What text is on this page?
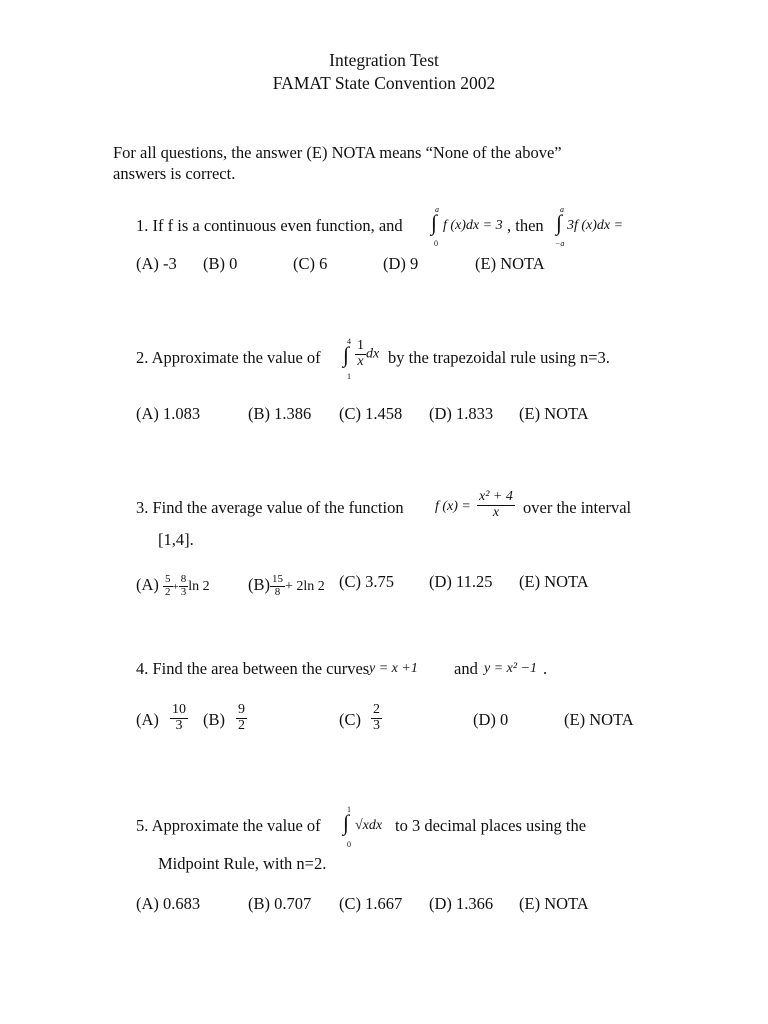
Integration Test
FAMAT State Convention 2002
For all questions, the answer (E) NOTA means “None of the above”
answers is correct.
1. If f is a continuous even function, and
a
∫
0
f (x)dx = 3 , then
a
∫
−a
3f (x)dx =
(A) -3 (B) 0	(C) 6	(D) 9	(E) NOTA
2. Approximate the value of
4
∫
1
$\frac{1}{x}$ dx by the trapezoidal rule using n=3.
(A) 1.083	(B) 1.386 (C) 1.458 (D) 1.833 (E) NOTA
3. Find the average value of the function f $(x) = \frac{\text{x² + 4}}{x}$ over the interval
[1,4].
$(A) \frac{5}{2} + \frac{8}{3}$ ln 2 $(B) \frac{15}{8} + 2\ln$ 2 (C) 3.75 (D) 11.25 (E) NOTA
4. Find the area between the curves y = x +1 and y = x² −1 .
$(A) \frac{10}{3} (B) \frac{9}{2}$	$(C) \frac{2}{3}$	(D) 0	(E) NOTA
5. Approximate the value of
1
∫
0
√xdx to 3 decimal places using the
Midpoint Rule, with n=2.
(A) 0.683	(B) 0.707 (C) 1.667 (D) 1.366 (E) NOTA
